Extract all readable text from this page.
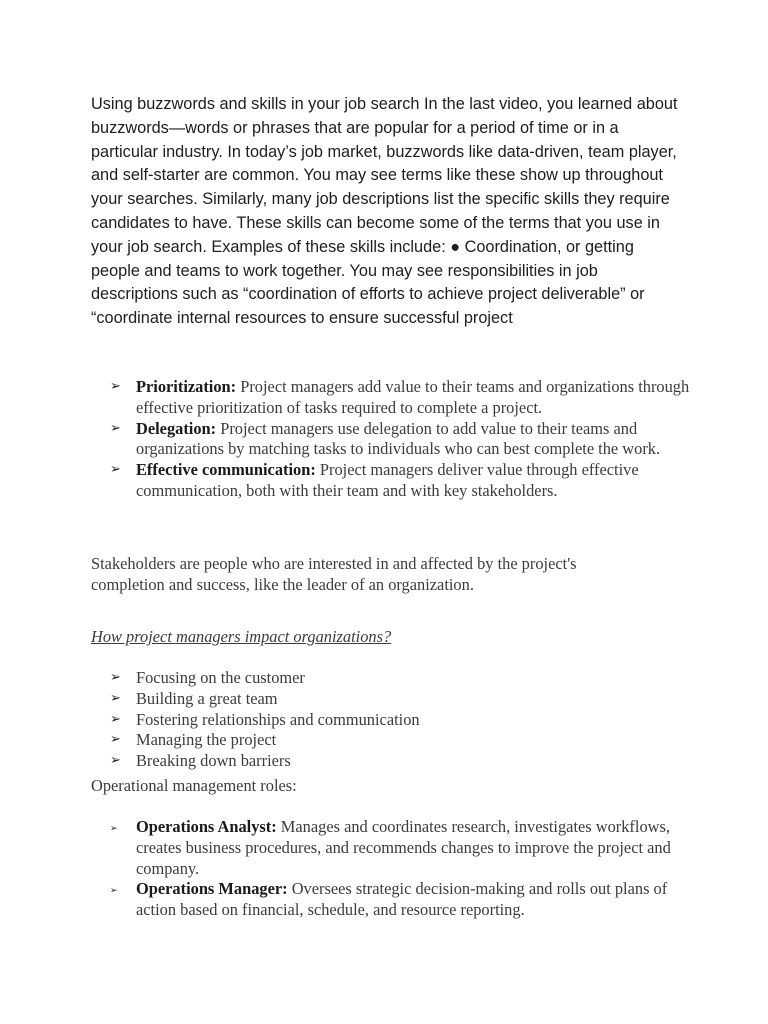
Using buzzwords and skills in your job search In the last video, you learned about buzzwords—words or phrases that are popular for a period of time or in a particular industry. In today’s job market, buzzwords like data-driven, team player, and self-starter are common. You may see terms like these show up throughout your searches. Similarly, many job descriptions list the specific skills they require candidates to have. These skills can become some of the terms that you use in your job search. Examples of these skills include: ● Coordination, or getting people and teams to work together. You may see responsibilities in job descriptions such as “coordination of efforts to achieve project deliverable” or “coordinate internal resources to ensure successful project

➢ Prioritization: Project managers add value to their teams and organizations through effective prioritization of tasks required to complete a project.
➢ Delegation: Project managers use delegation to add value to their teams and organizations by matching tasks to individuals who can best complete the work.
➢ Effective communication: Project managers deliver value through effective communication, both with their team and with key stakeholders.

Stakeholders are people who are interested in and affected by the project's completion and success, like the leader of an organization.

How project managers impact organizations?

➢ Focusing on the customer
➢ Building a great team
➢ Fostering relationships and communication
➢ Managing the project
➢ Breaking down barriers

Operational management roles:

➢	Operations Analyst: Manages and coordinates research, investigates workflows, creates business procedures, and recommends changes to improve the project and company.
➢	Operations Manager: Oversees strategic decision-making and rolls out plans of action based on financial, schedule, and resource reporting.
